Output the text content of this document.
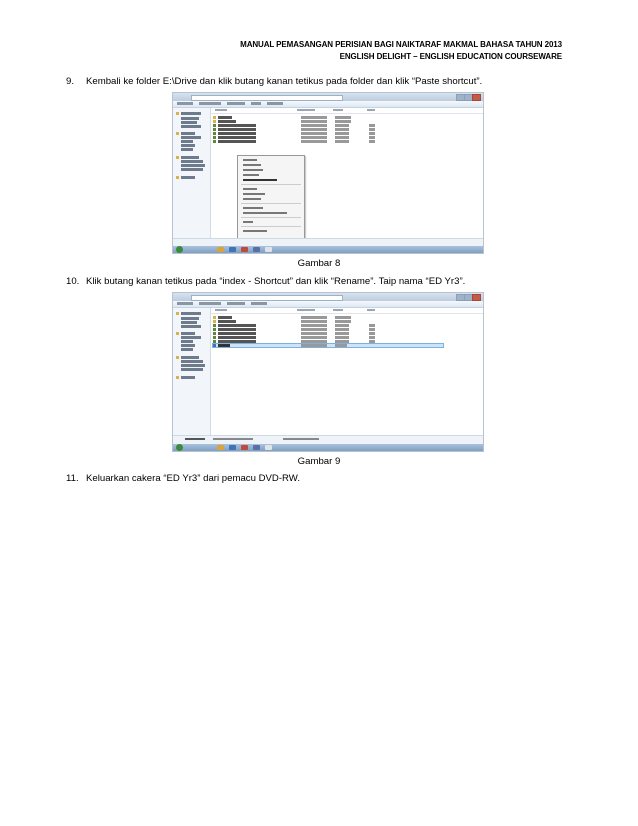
MANUAL PEMASANGAN PERISIAN BAGI NAIKTARAF MAKMAL BAHASA TAHUN 2013
ENGLISH DELIGHT – ENGLISH EDUCATION COURSEWARE
9. Kembali ke folder E:\Drive dan klik butang kanan tetikus pada folder dan klik “Paste shortcut”.
Gambar 8
10. Klik butang kanan tetikus pada “index - Shortcut” dan klik “Rename”. Taip nama “ED Yr3”.
Gambar 9
11. Keluarkan cakera “ED Yr3” dari pemacu DVD-RW.
